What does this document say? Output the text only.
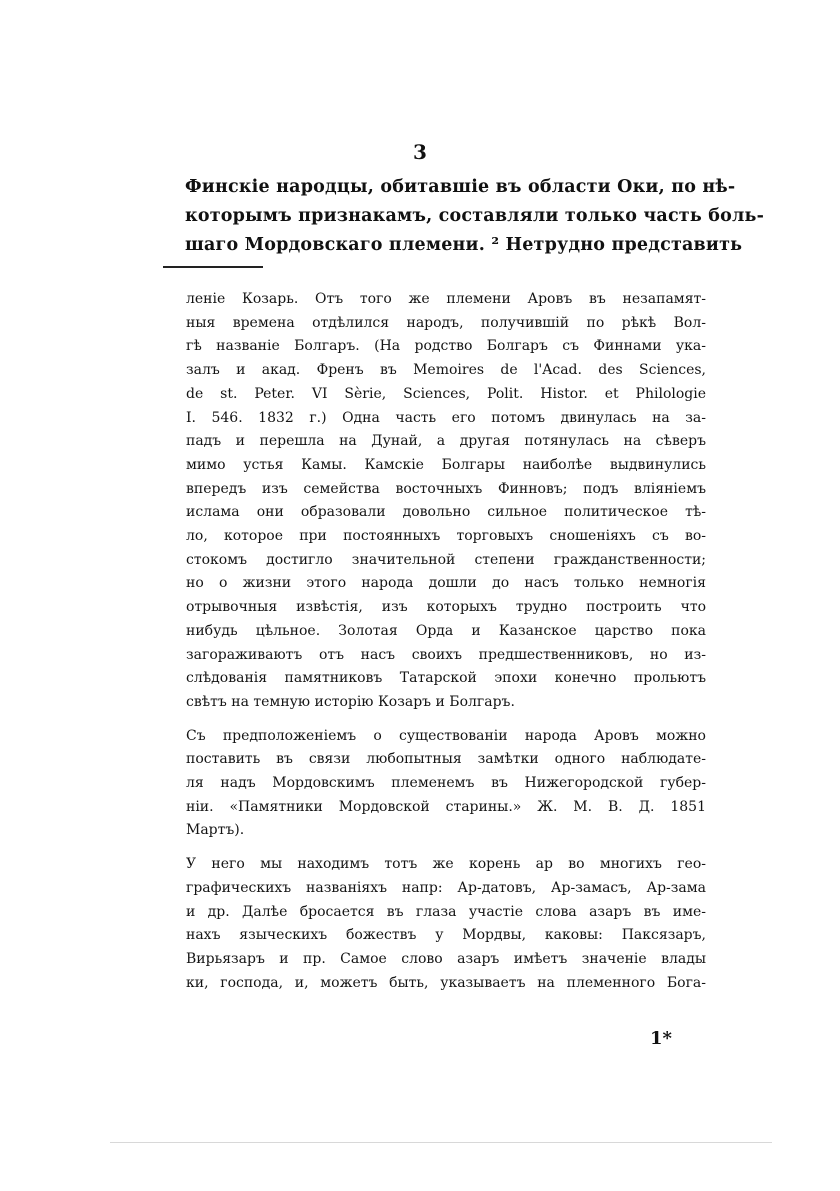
3
Финскіе народцы, обитавшіе въ области Оки, по нѣ-
которымъ признакамъ, составляли только часть боль-
шаго Мордовскаго племени. ² Нетрудно представить
леніе Козарь. Отъ того же племени Аровъ въ незапамят-
ныя времена отдѣлился народъ, получившій по рѣкѣ Вол-
гѣ названіе Болгаръ. (На родство Болгаръ съ Финнами ука-
залъ и акад. Френъ въ Memoires de l'Acad. des Sciences,
de st. Peter. VI Sèrie, Sciences, Polit. Histor. et Philologie
I. 546. 1832 г.) Одна часть его потомъ двинулась на за-
падъ и перешла на Дунай, а другая потянулась на сѣверъ
мимо устья Камы. Камскіе Болгары наиболѣе выдвинулись
впередъ изъ семейства восточныхъ Финновъ; подъ вліяніемъ
ислама они образовали довольно сильное политическое тѣ-
ло, которое при постоянныхъ торговыхъ сношеніяхъ съ во-
стокомъ достигло значительной степени гражданственности;
но о жизни этого народа дошли до насъ только немногія
отрывочныя извѣстія, изъ которыхъ трудно построить что
нибудь цѣльное. Золотая Орда и Казанское царство пока
загораживаютъ отъ насъ своихъ предшественниковъ, но из-
слѣдованія памятниковъ Татарской эпохи конечно прольютъ
свѣтъ на темную исторію Козаръ и Болгаръ.
Съ предположеніемъ о существованіи народа Аровъ можно
поставить въ связи любопытныя замѣтки одного наблюдате-
ля надъ Мордовскимъ племенемъ въ Нижегородской губер-
ніи. «Памятники Мордовской старины.» Ж. М. В. Д. 1851
Мартъ).
У него мы находимъ тотъ же корень ар во многихъ гео-
графическихъ названіяхъ напр: Ар-датовъ, Ар-замасъ, Ар-зама
и др. Далѣе бросается въ глаза участіе слова азаръ въ име-
нахъ языческихъ божествъ у Мордвы, каковы: Паксязаръ,
Вирьязаръ и пр. Самое слово азаръ имѣетъ значеніе влады
ки, господа, и, можетъ быть, указываетъ на племенного Бога-
1*
